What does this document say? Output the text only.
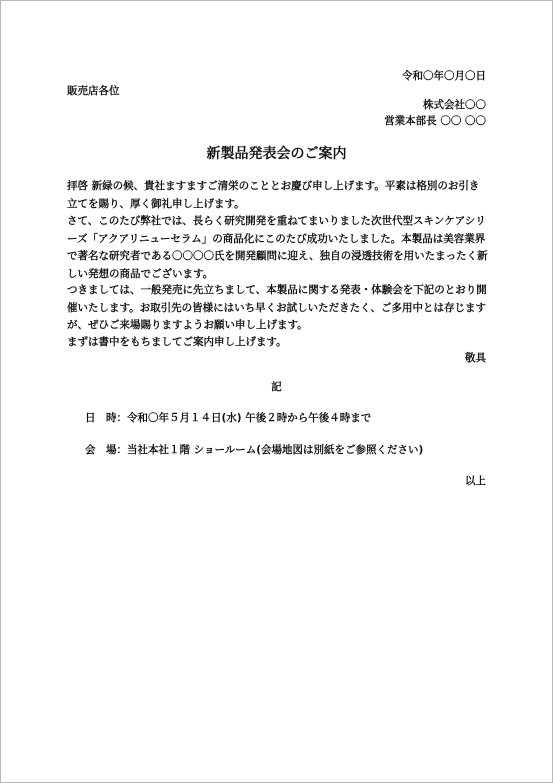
令和〇年〇月〇日
販売店各位
株式会社〇〇
営業本部長 〇〇 〇〇
新製品発表会のご案内
拝啓 新緑の候、貴社ますますご清栄のこととお慶び申し上げます。平素は格別のお引き立てを賜り、厚く御礼申し上げます。
さて、このたび弊社では、長らく研究開発を重ねてまいりました次世代型スキンケアシリーズ「アクアリニューセラム」の商品化にこのたび成功いたしました。本製品は美容業界で著名な研究者である〇〇〇〇氏を開発顧問に迎え、独自の浸透技術を用いたまったく新しい発想の商品でございます。
つきましては、一般発売に先立ちまして、本製品に関する発表・体験会を下記のとおり開催いたします。お取引先の皆様にはいち早くお試しいただきたく、ご多用中とは存じますが、ぜひご来場賜りますようお願い申し上げます。
まずは書中をもちましてご案内申し上げます。
敬具
記
日　時：令和〇年５月１４日(水) 午後２時から午後４時まで
会　場：当社本社１階 ショールーム(会場地図は別紙をご参照ください)
以上
